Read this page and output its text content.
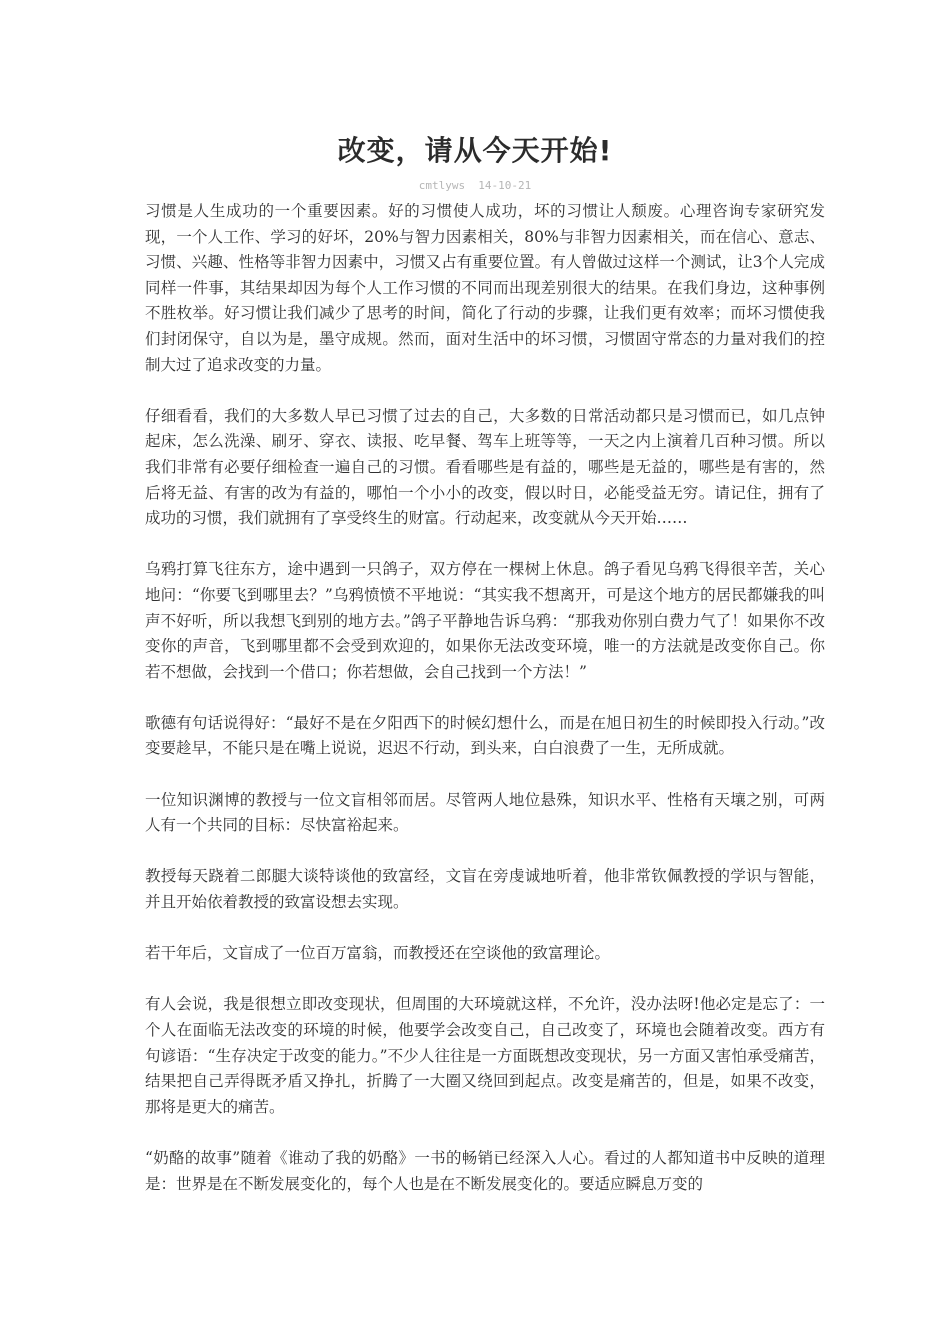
改变，请从今天开始!
cmtlyws  14-10-21

习惯是人生成功的一个重要因素。好的习惯使人成功，坏的习惯让人颓废。心理咨询专家研究发现，一个人工作、学习的好坏，20%与智力因素相关，80%与非智力因素相关，而在信心、意志、习惯、兴趣、性格等非智力因素中，习惯又占有重要位置。有人曾做过这样一个测试，让3个人完成同样一件事，其结果却因为每个人工作习惯的不同而出现差别很大的结果。在我们身边，这种事例不胜枚举。好习惯让我们减少了思考的时间，简化了行动的步骤，让我们更有效率；而坏习惯使我们封闭保守，自以为是，墨守成规。然而，面对生活中的坏习惯，习惯固守常态的力量对我们的控制大过了追求改变的力量。

仔细看看，我们的大多数人早已习惯了过去的自己，大多数的日常活动都只是习惯而已，如几点钟起床，怎么洗澡、刷牙、穿衣、读报、吃早餐、驾车上班等等，一天之内上演着几百种习惯。所以我们非常有必要仔细检查一遍自己的习惯。看看哪些是有益的，哪些是无益的，哪些是有害的，然后将无益、有害的改为有益的，哪怕一个小小的改变，假以时日，必能受益无穷。请记住，拥有了成功的习惯，我们就拥有了享受终生的财富。行动起来，改变就从今天开始……

乌鸦打算飞往东方，途中遇到一只鸽子，双方停在一棵树上休息。鸽子看见乌鸦飞得很辛苦，关心地问：“你要飞到哪里去？”乌鸦愤愤不平地说：“其实我不想离开，可是这个地方的居民都嫌我的叫声不好听，所以我想飞到别的地方去。”鸽子平静地告诉乌鸦：“那我劝你别白费力气了！如果你不改变你的声音，飞到哪里都不会受到欢迎的，如果你无法改变环境，唯一的方法就是改变你自己。你若不想做，会找到一个借口；你若想做，会自己找到一个方法！”

歌德有句话说得好：“最好不是在夕阳西下的时候幻想什么，而是在旭日初生的时候即投入行动。”改变要趁早，不能只是在嘴上说说，迟迟不行动，到头来，白白浪费了一生，无所成就。

一位知识渊博的教授与一位文盲相邻而居。尽管两人地位悬殊，知识水平、性格有天壤之别，可两人有一个共同的目标：尽快富裕起来。

教授每天跷着二郎腿大谈特谈他的致富经，文盲在旁虔诚地听着，他非常钦佩教授的学识与智能，并且开始依着教授的致富设想去实现。

若干年后，文盲成了一位百万富翁，而教授还在空谈他的致富理论。

有人会说，我是很想立即改变现状，但周围的大环境就这样，不允许，没办法呀!他必定是忘了：一个人在面临无法改变的环境的时候，他要学会改变自己，自己改变了，环境也会随着改变。西方有句谚语：“生存决定于改变的能力。”不少人往往是一方面既想改变现状，另一方面又害怕承受痛苦，结果把自己弄得既矛盾又挣扎，折腾了一大圈又绕回到起点。改变是痛苦的，但是，如果不改变，那将是更大的痛苦。

“奶酪的故事”随着《谁动了我的奶酪》一书的畅销已经深入人心。看过的人都知道书中反映的道理是：世界是在不断发展变化的，每个人也是在不断发展变化的。要适应瞬息万变的
